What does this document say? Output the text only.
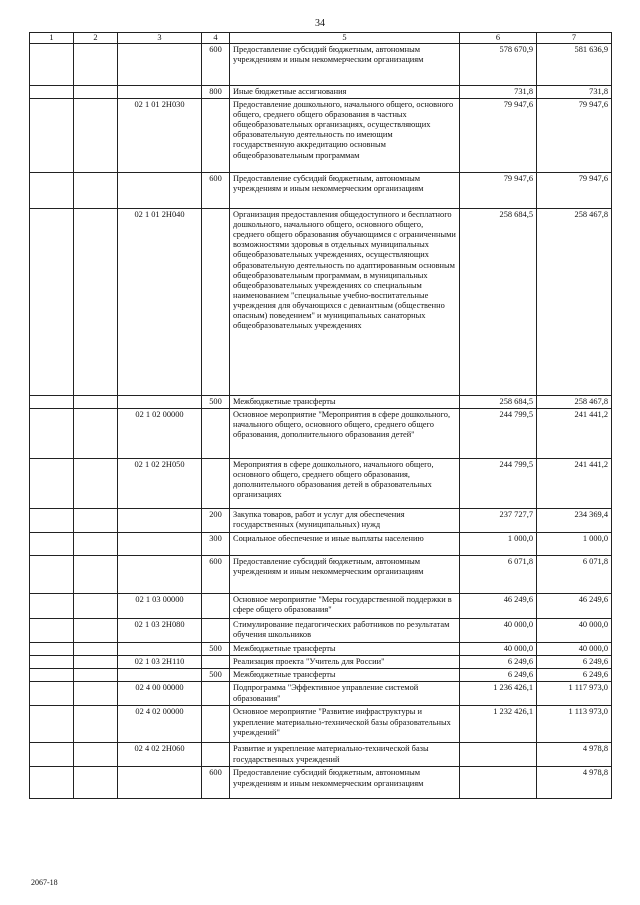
34
1	2	3	4	5	6	7
			600	Предоставление субсидий бюджетным, автономным учреждениям и иным некоммерческим организациям	578 670,9	581 636,9
			800	Иные бюджетные ассигнования	731,8	731,8
		02 1 01 2Н030		Предоставление дошкольного, начального общего, основного общего, среднего общего образования в частных общеобразовательных организациях, осуществляющих образовательную деятельность по имеющим государственную аккредитацию основным общеобразовательным программам	79 947,6	79 947,6
			600	Предоставление субсидий бюджетным, автономным учреждениям и иным некоммерческим организациям	79 947,6	79 947,6
		02 1 01 2Н040		Организация предоставления общедоступного и бесплатного дошкольного, начального общего, основного общего, среднего общего образования обучающимся с ограниченными возможностями здоровья в отдельных муниципальных общеобразовательных учреждениях, осуществляющих образовательную деятельность по адаптированным основным общеобразовательным программам, в муниципальных общеобразовательных учреждениях со специальным наименованием "специальные учебно-воспитательные учреждения для обучающихся с девиантным (общественно опасным) поведением" и муниципальных санаторных общеобразовательных учреждениях	258 684,5	258 467,8
			500	Межбюджетные трансферты	258 684,5	258 467,8
		02 1 02 00000		Основное мероприятие "Мероприятия в сфере дошкольного, начального общего, основного общего, среднего общего образования, дополнительного образования детей"	244 799,5	241 441,2
		02 1 02 2Н050		Мероприятия в сфере дошкольного, начального общего, основного общего, среднего общего образования, дополнительного образования детей в образовательных организациях	244 799,5	241 441,2
			200	Закупка товаров, работ и услуг для обеспечения государственных (муниципальных) нужд	237 727,7	234 369,4
			300	Социальное обеспечение и иные выплаты населению	1 000,0	1 000,0
			600	Предоставление субсидий бюджетным, автономным учреждениям и иным некоммерческим организациям	6 071,8	6 071,8
		02 1 03 00000		Основное мероприятие "Меры государственной поддержки в сфере общего образования"	46 249,6	46 249,6
		02 1 03 2Н080		Стимулирование педагогических работников по результатам обучения школьников	40 000,0	40 000,0
			500	Межбюджетные трансферты	40 000,0	40 000,0
		02 1 03 2Н110		Реализация проекта "Учитель для России"	6 249,6	6 249,6
			500	Межбюджетные трансферты	6 249,6	6 249,6
		02 4 00 00000		Подпрограмма "Эффективное управление системой образования"	1 236 426,1	1 117 973,0
		02 4 02 00000		Основное мероприятие "Развитие инфраструктуры и укрепление материально-технической базы образовательных учреждений"	1 232 426,1	1 113 973,0
		02 4 02 2Н060		Развитие и укрепление материально-технической базы государственных учреждений		4 978,8
			600	Предоставление субсидий бюджетным, автономным учреждениям и иным некоммерческим организациям		4 978,8
2067-18
